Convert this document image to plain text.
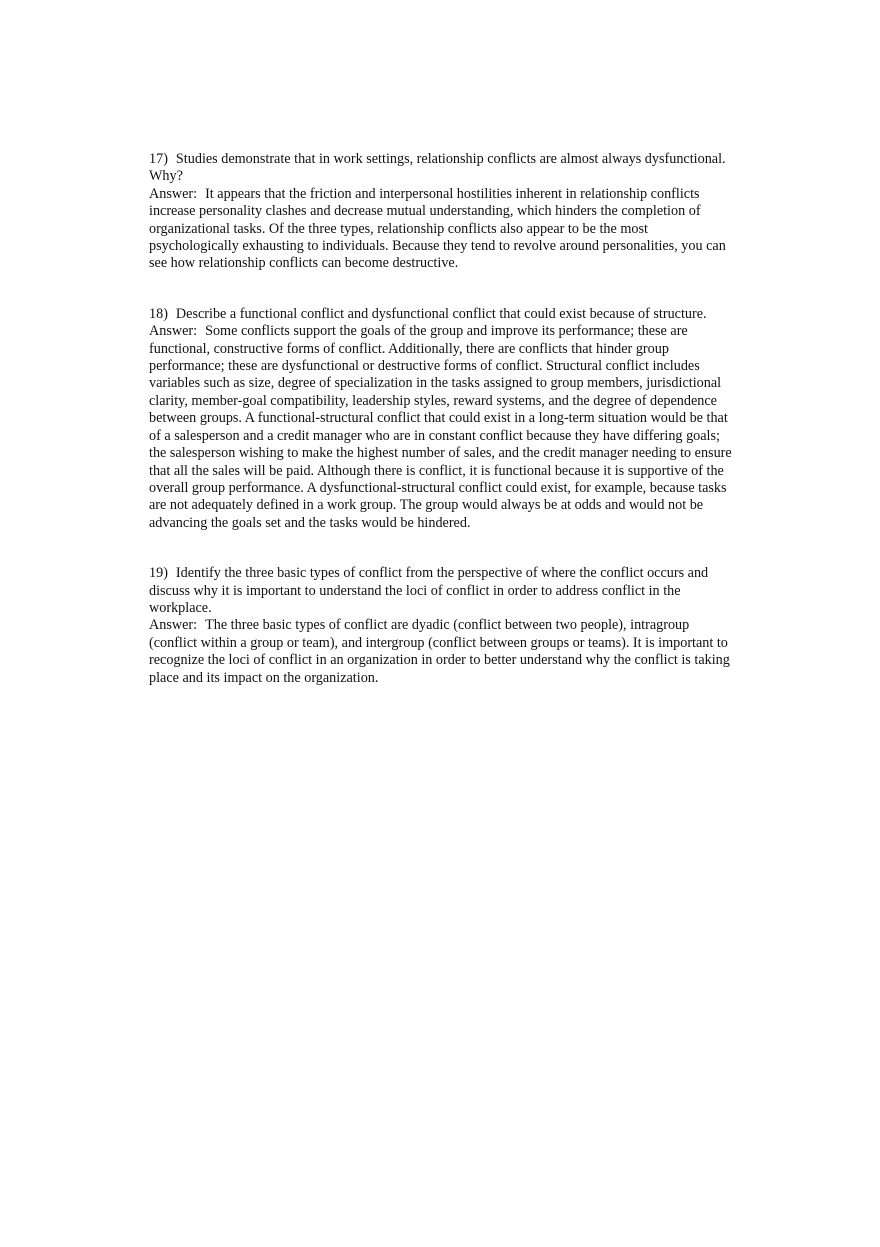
17) Studies demonstrate that in work settings, relationship conflicts are almost always dysfunctional. Why?

Answer: It appears that the friction and interpersonal hostilities inherent in relationship conflicts increase personality clashes and decrease mutual understanding, which hinders the completion of organizational tasks. Of the three types, relationship conflicts also appear to be the most psychologically exhausting to individuals. Because they tend to revolve around personalities, you can see how relationship conflicts can become destructive.

18) Describe a functional conflict and dysfunctional conflict that could exist because of structure.

Answer: Some conflicts support the goals of the group and improve its performance; these are functional, constructive forms of conflict. Additionally, there are conflicts that hinder group performance; these are dysfunctional or destructive forms of conflict. Structural conflict includes variables such as size, degree of specialization in the tasks assigned to group members, jurisdictional clarity, member-goal compatibility, leadership styles, reward systems, and the degree of dependence between groups. A functional-structural conflict that could exist in a long-term situation would be that of a salesperson and a credit manager who are in constant conflict because they have differing goals; the salesperson wishing to make the highest number of sales, and the credit manager needing to ensure that all the sales will be paid. Although there is conflict, it is functional because it is supportive of the overall group performance. A dysfunctional-structural conflict could exist, for example, because tasks are not adequately defined in a work group. The group would always be at odds and would not be advancing the goals set and the tasks would be hindered.

19) Identify the three basic types of conflict from the perspective of where the conflict occurs and discuss why it is important to understand the loci of conflict in order to address conflict in the workplace.

Answer: The three basic types of conflict are dyadic (conflict between two people), intragroup (conflict within a group or team), and intergroup (conflict between groups or teams). It is important to recognize the loci of conflict in an organization in order to better understand why the conflict is taking place and its impact on the organization.
